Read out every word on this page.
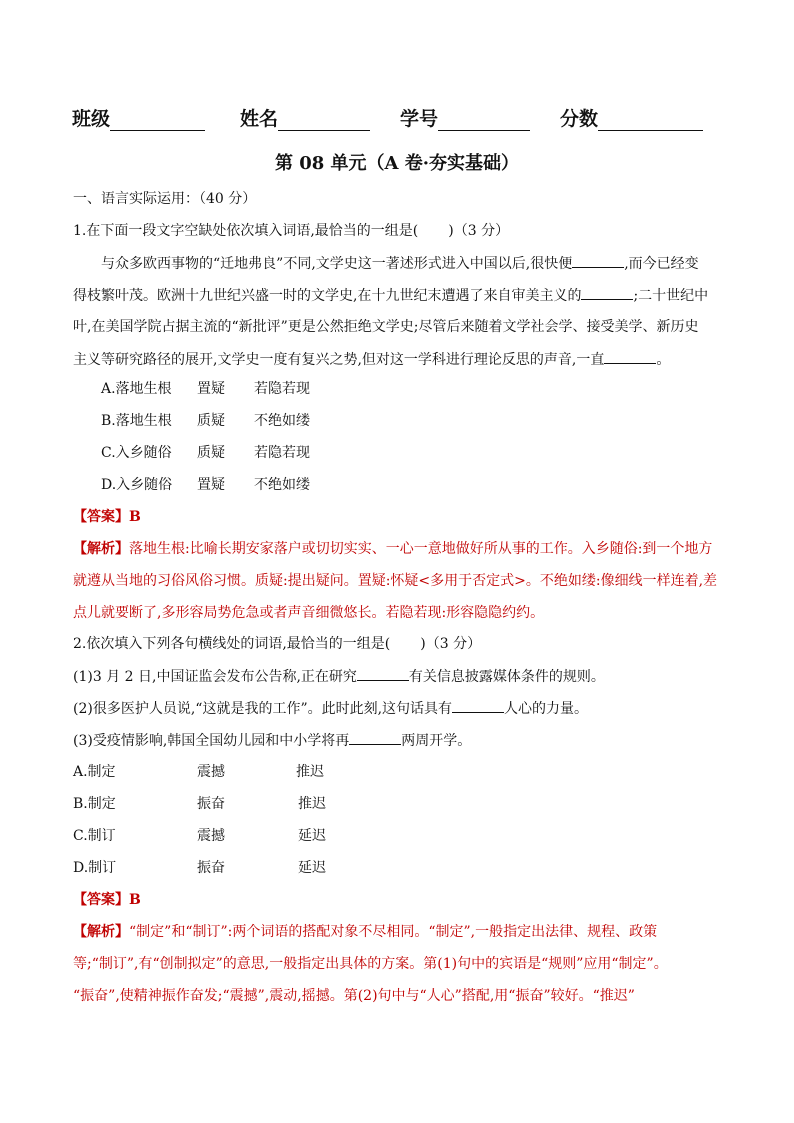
班级	姓名	学号	分数
第 08 单元（A 卷·夯实基础）
一、语言实际运用：（40 分）
1.在下面一段文字空缺处依次填入词语,最恰当的一组是( )（3 分）
与众多欧西事物的“迁地弗良”不同,文学史这一著述形式进入中国以后,很快便	,而今已经变
得枝繁叶茂。欧洲十九世纪兴盛一时的文学史,在十九世纪末遭遇了来自审美主义的	;二十世纪中
叶,在美国学院占据主流的“新批评”更是公然拒绝文学史;尽管后来随着文学社会学、接受美学、新历史
主义等研究路径的展开,文学史一度有复兴之势,但对这一学科进行理论反思的声音,一直	。
A.落地生根 置疑 若隐若现
B.落地生根 质疑 不绝如缕
C.入乡随俗 质疑 若隐若现
D.入乡随俗 置疑 不绝如缕
【答案】B
【解析】落地生根:比喻长期安家落户或切切实实、一心一意地做好所从事的工作。入乡随俗:到一个地方
就遵从当地的习俗风俗习惯。质疑:提出疑问。置疑:怀疑<多用于否定式>。不绝如缕:像细线一样连着,差
点儿就要断了,多形容局势危急或者声音细微悠长。若隐若现:形容隐隐约约。
2.依次填入下列各句横线处的词语,最恰当的一组是( )（3 分）
(1)3 月 2 日,中国证监会发布公告称,正在研究	有关信息披露媒体条件的规则。
(2)很多医护人员说,“这就是我的工作”。此时此刻,这句话具有	人心的力量。
(3)受疫情影响,韩国全国幼儿园和中小学将再	两周开学。
A.制定	震撼	推迟
B.制定	振奋	推迟
C.制订	震撼	延迟
D.制订	振奋	延迟
【答案】B
【解析】“制定”和“制订”:两个词语的搭配对象不尽相同。“制定”,一般指定出法律、规程、政策
等;“制订”,有“创制拟定”的意思,一般指定出具体的方案。第(1)句中的宾语是“规则”应用“制定”。
“振奋”,使精神振作奋发;“震撼”,震动,摇撼。第(2)句中与“人心”搭配,用“振奋”较好。“推迟”
